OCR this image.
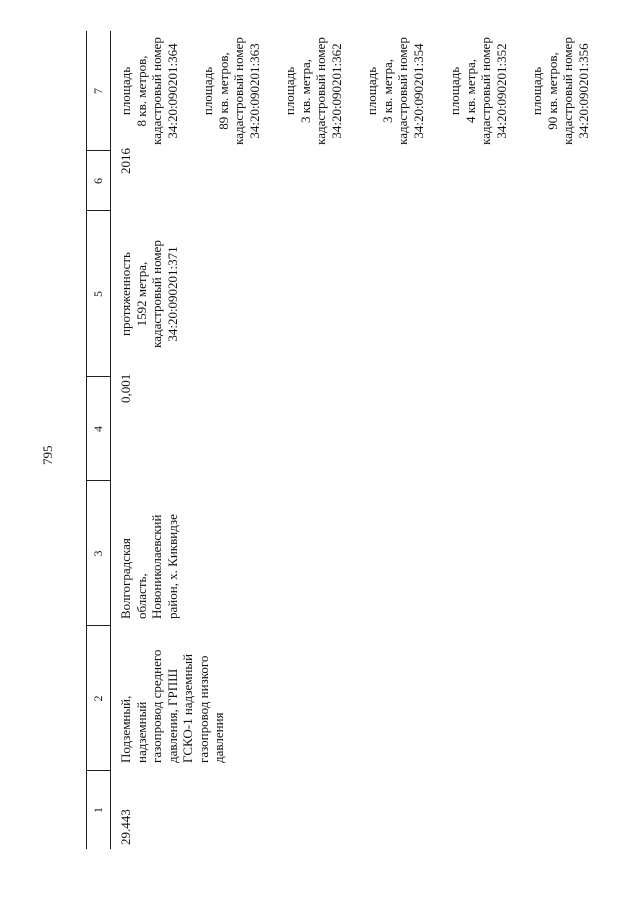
795
1
2
3
4
5
6
7
29.443
Подземный, надземный газопровод среднего давления, ГРПШ ГСКО-1 надземный газопровод низкого давления
Волгоградская область, Новониколаевский район, х. Киквидзе
0,001
протяженность 1592 метра, кадастровый номер 34:20:090201:371
2016
площадь 8 кв. метров, кадастровый номер 34:20:090201:364 площадь 89 кв. метров, кадастровый номер 34:20:090201:363 площадь 3 кв. метра, кадастровый номер 34:20:090201:362 площадь 3 кв. метра, кадастровый номер 34:20:090201:354 площадь 4 кв. метра, кадастровый номер 34:20:090201:352 площадь 90 кв. метров, кадастровый номер 34:20:090201:356
